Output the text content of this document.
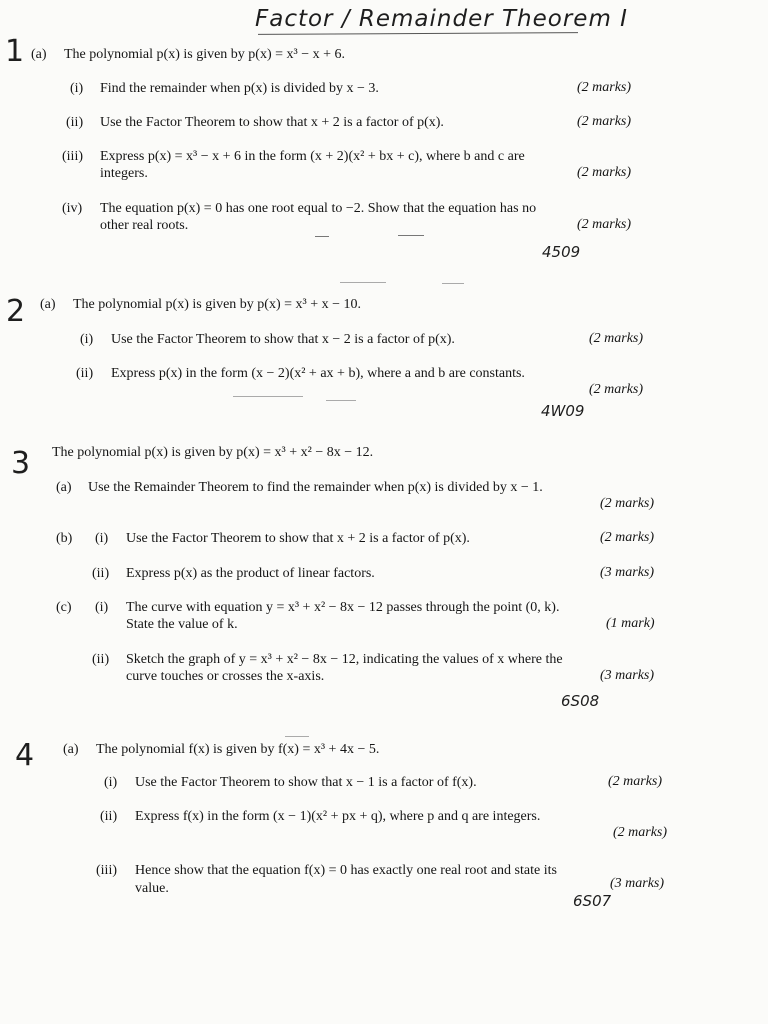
Factor / Remainder Theorem I
1 (a) The polynomial p(x) is given by p(x) = x³ − x + 6.
(i) Find the remainder when p(x) is divided by x − 3.	(2 marks)
(ii) Use the Factor Theorem to show that x + 2 is a factor of p(x).	(2 marks)
(iii) Express p(x) = x³ − x + 6 in the form (x + 2)(x² + bx + c), where b and c are
integers.	(2 marks)
(iv) The equation p(x) = 0 has one root equal to −2. Show that the equation has no
other real roots.	(2 marks)
4509
2 (a) The polynomial p(x) is given by p(x) = x³ + x − 10.
(i) Use the Factor Theorem to show that x − 2 is a factor of p(x).	(2 marks)
(ii) Express p(x) in the form (x − 2)(x² + ax + b), where a and b are constants.
(2 marks)
4W09
3 The polynomial p(x) is given by p(x) = x³ + x² − 8x − 12.
(a) Use the Remainder Theorem to find the remainder when p(x) is divided by x − 1.
(2 marks)
(b) (i) Use the Factor Theorem to show that x + 2 is a factor of p(x).	(2 marks)
(ii) Express p(x) as the product of linear factors.	(3 marks)
(c) (i) The curve with equation y = x³ + x² − 8x − 12 passes through the point (0, k).
State the value of k.	(1 mark)
(ii) Sketch the graph of y = x³ + x² − 8x − 12, indicating the values of x where the
curve touches or crosses the x-axis.	(3 marks)
6S08
4 (a) The polynomial f(x) is given by f(x) = x³ + 4x − 5.
(i) Use the Factor Theorem to show that x − 1 is a factor of f(x).	(2 marks)
(ii) Express f(x) in the form (x − 1)(x² + px + q), where p and q are integers.
(2 marks)
(iii) Hence show that the equation f(x) = 0 has exactly one real root and state its
value.	(3 marks)
6S07
